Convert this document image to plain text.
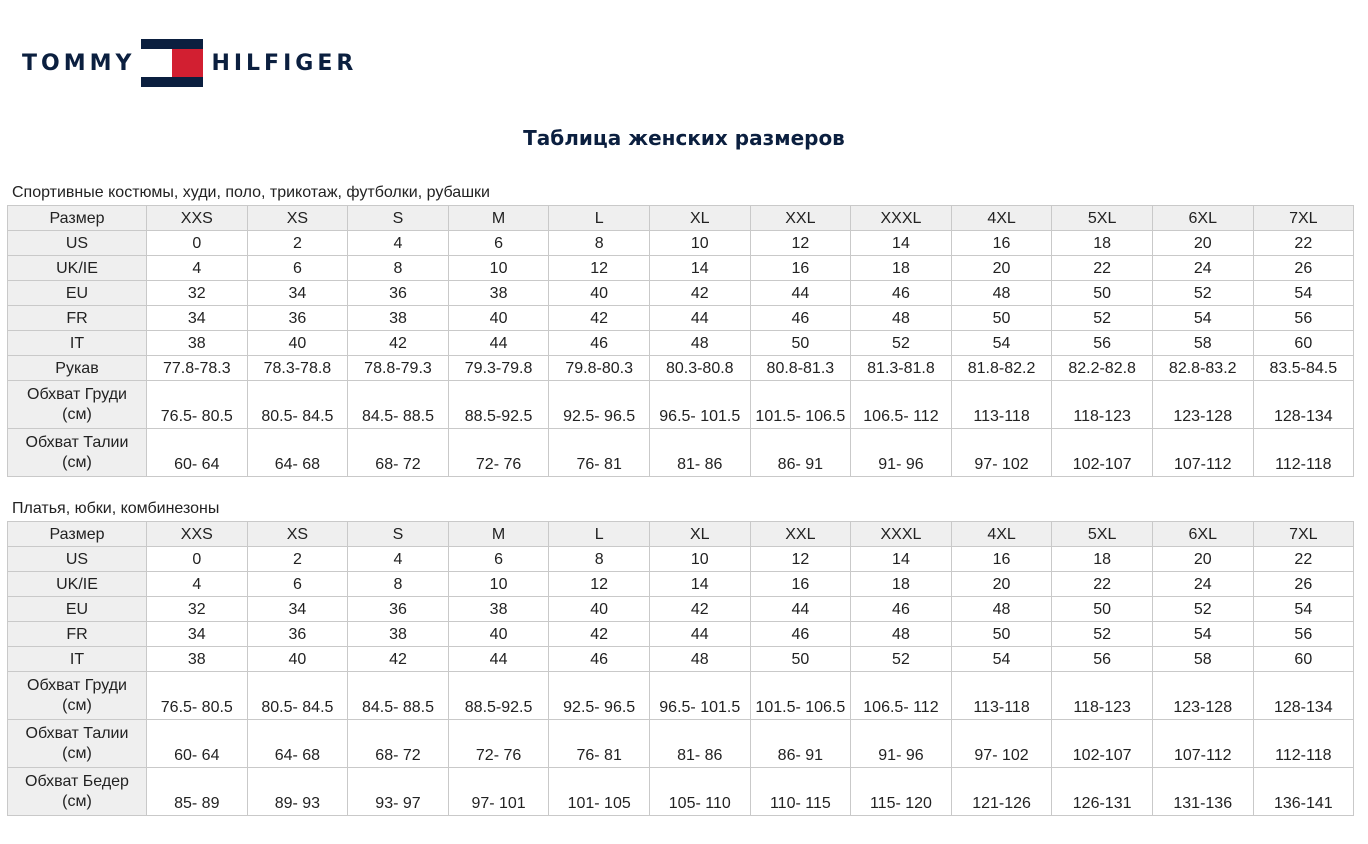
TOMMY	HILFIGER
Таблица женских размеров
Спортивные костюмы, худи, поло, трикотаж, футболки, рубашки
Размер	XXS	XS	S	M	L	XL	XXL	XXXL	4XL	5XL	6XL	7XL

US	0	2	4	6	8	10	12	14	16	18	20	22

UK/IE	4	6	8	10	12	14	16	18	20	22	24	26

EU	32	34	36	38	40	42	44	46	48	50	52	54

FR	34	36	38	40	42	44	46	48	50	52	54	56

IT	38	40	42	44	46	48	50	52	54	56	58	60

Рукав	77.8-78.3	78.3-78.8	78.8-79.3	79.3-79.8	79.8-80.3	80.3-80.8	80.8-81.3	81.3-81.8	81.8-82.2	82.2-82.8	82.8-83.2	83.5-84.5

Обхват Груди
(см)	76.5- 80.5	80.5- 84.5	84.5- 88.5	88.5-92.5	92.5- 96.5	96.5- 101.5	101.5- 106.5	106.5- 112	113-118	118-123	123-128	128-134

Обхват Талии
(см)	60- 64	64- 68	68- 72	72- 76	76- 81	81- 86	86- 91	91- 96	97- 102	102-107	107-112	112-118
Платья, юбки, комбинезоны
Размер	XXS	XS	S	M	L	XL	XXL	XXXL	4XL	5XL	6XL	7XL

US	0	2	4	6	8	10	12	14	16	18	20	22

UK/IE	4	6	8	10	12	14	16	18	20	22	24	26

EU	32	34	36	38	40	42	44	46	48	50	52	54

FR	34	36	38	40	42	44	46	48	50	52	54	56

IT	38	40	42	44	46	48	50	52	54	56	58	60

Обхват Груди
(см)	76.5- 80.5	80.5- 84.5	84.5- 88.5	88.5-92.5	92.5- 96.5	96.5- 101.5	101.5- 106.5	106.5- 112	113-118	118-123	123-128	128-134

Обхват Талии
(см)	60- 64	64- 68	68- 72	72- 76	76- 81	81- 86	86- 91	91- 96	97- 102	102-107	107-112	112-118

Обхват Бедер
(см)	85- 89	89- 93	93- 97	97- 101	101- 105	105- 110	110- 115	115- 120	121-126	126-131	131-136	136-141
